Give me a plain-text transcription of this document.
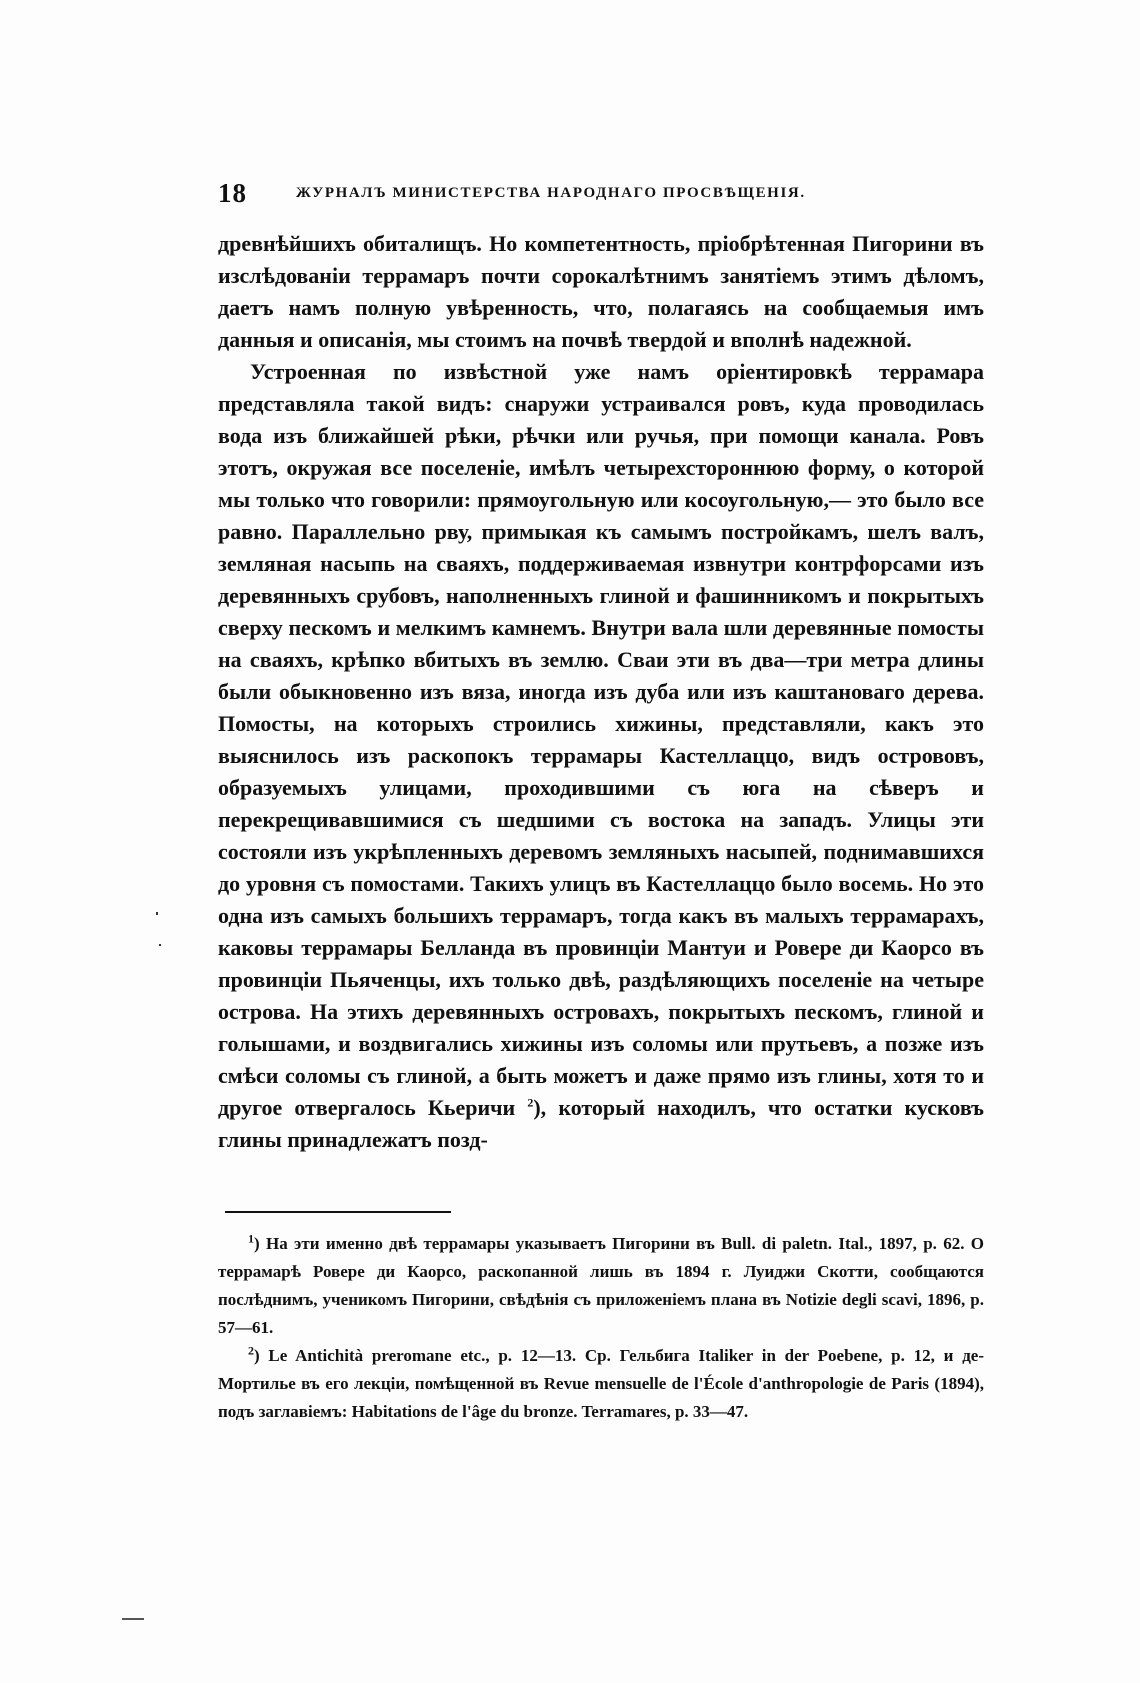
18	ЖУРНАЛЪ МИНИСТЕРСТВА НАРОДНАГО ПРОСВѢЩЕНІЯ.

древнѣйшихъ обиталищъ. Но компетентность, пріобрѣтенная Пигорини въ изслѣдованіи террамаръ почти сорокалѣтнимъ занятіемъ этимъ дѣломъ, даетъ намъ полную увѣренность, что, полагаясь на сообщаемыя имъ данныя и описанія, мы стоимъ на почвѣ твердой и вполнѣ надежной.

Устроенная по извѣстной уже намъ оріентировкѣ террамара представляла такой видъ: снаружи устраивался ровъ, куда проводилась вода изъ ближайшей рѣки, рѣчки или ручья, при помощи канала. Ровъ этотъ, окружая все поселеніе, имѣлъ четырехстороннюю форму, о которой мы только что говорили: прямоугольную или косоугольную,— это было все равно. Параллельно рву, примыкая къ самымъ постройкамъ, шелъ валъ, земляная насыпь на сваяхъ, поддерживаемая извнутри контрфорсами изъ деревянныхъ срубовъ, наполненныхъ глиной и фашинникомъ и покрытыхъ сверху пескомъ и мелкимъ камнемъ. Внутри вала шли деревянные помосты на сваяхъ, крѣпко вбитыхъ въ землю. Сваи эти въ два—три метра длины были обыкновенно изъ вяза, иногда изъ дуба или изъ каштановаго дерева. Помосты, на которыхъ строились хижины, представляли, какъ это выяснилось изъ раскопокъ террамары Кастеллаццо, видъ острововъ, образуемыхъ улицами, проходившими съ юга на сѣверъ и перекрещивавшимися съ шедшими съ востока на западъ. Улицы эти состояли изъ укрѣпленныхъ деревомъ земляныхъ насыпей, поднимавшихся до уровня съ помостами. Такихъ улицъ въ Кастеллаццо было восемь. Но это одна изъ самыхъ большихъ террамаръ, тогда какъ въ малыхъ террамарахъ, каковы террамары Белланда въ провинціи Мантуи и Ровере ди Каорсо въ провинціи Пьяченцы, ихъ только двѣ, раздѣляющихъ поселеніе на четыре острова. На этихъ деревянныхъ островахъ, покрытыхъ пескомъ, глиной и голышами, и воздвигались хижины изъ соломы или прутьевъ, а позже изъ смѣси соломы съ глиной, а быть можетъ и даже прямо изъ глины, хотя то и другое отвергалось Кьеричи $^2$), который находилъ, что остатки кусковъ глины принадлежатъ позд-

$^1$) На эти именно двѣ террамары указываетъ Пигорини въ Bull. di paletn. Ital., 1897, p. 62. О террамарѣ Ровере ди Каорсо, раскопанной лишь въ 1894 г. Луиджи Скотти, сообщаются послѣднимъ, ученикомъ Пигорини, свѣдѣнія съ приложеніемъ плана въ Notizie degli scavi, 1896, p. 57—61.

$^2$) Le Antichità preromane etc., p. 12—13. Ср. Гельбига Italiker in der Poebene, p. 12, и де-Мортилье въ его лекціи, помѣщенной въ Revue mensuelle de l'École d'anthropologie de Paris (1894), подъ заглавіемъ: Habitations de l'âge du bronze. Terramares, p. 33—47.
